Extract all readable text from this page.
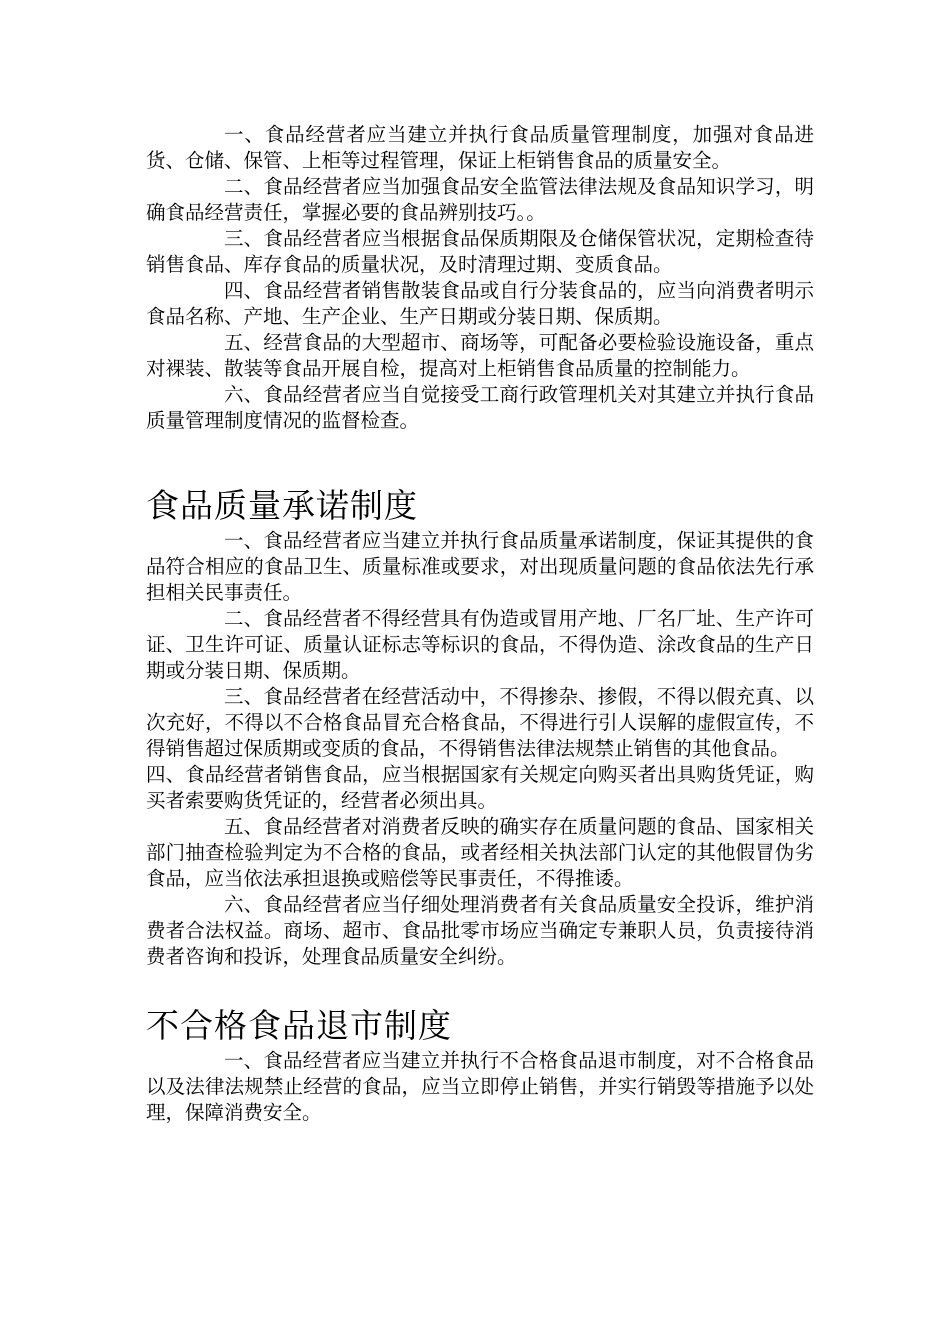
一、食品经营者应当建立并执行食品质量管理制度，加强对食品进货、仓储、保管、上柜等过程管理，保证上柜销售食品的质量安全。

二、食品经营者应当加强食品安全监管法律法规及食品知识学习，明确食品经营责任，掌握必要的食品辨别技巧。。

三、食品经营者应当根据食品保质期限及仓储保管状况，定期检查待销售食品、库存食品的质量状况，及时清理过期、变质食品。

四、食品经营者销售散装食品或自行分装食品的，应当向消费者明示食品名称、产地、生产企业、生产日期或分装日期、保质期。

五、经营食品的大型超市、商场等，可配备必要检验设施设备，重点对裸装、散装等食品开展自检，提高对上柜销售食品质量的控制能力。

六、食品经营者应当自觉接受工商行政管理机关对其建立并执行食品质量管理制度情况的监督检查。

食品质量承诺制度

一、食品经营者应当建立并执行食品质量承诺制度，保证其提供的食品符合相应的食品卫生、质量标准或要求，对出现质量问题的食品依法先行承担相关民事责任。

二、食品经营者不得经营具有伪造或冒用产地、厂名厂址、生产许可证、卫生许可证、质量认证标志等标识的食品，不得伪造、涂改食品的生产日期或分装日期、保质期。

三、食品经营者在经营活动中，不得掺杂、掺假，不得以假充真、以次充好，不得以不合格食品冒充合格食品，不得进行引人误解的虚假宣传，不得销售超过保质期或变质的食品，不得销售法律法规禁止销售的其他食品。

四、食品经营者销售食品，应当根据国家有关规定向购买者出具购货凭证，购买者索要购货凭证的，经营者必须出具。

五、食品经营者对消费者反映的确实存在质量问题的食品、国家相关部门抽查检验判定为不合格的食品，或者经相关执法部门认定的其他假冒伪劣食品，应当依法承担退换或赔偿等民事责任，不得推诿。

六、食品经营者应当仔细处理消费者有关食品质量安全投诉，维护消费者合法权益。商场、超市、食品批零市场应当确定专兼职人员，负责接待消费者咨询和投诉，处理食品质量安全纠纷。

不合格食品退市制度

一、食品经营者应当建立并执行不合格食品退市制度，对不合格食品以及法律法规禁止经营的食品，应当立即停止销售，并实行销毁等措施予以处理，保障消费安全。
